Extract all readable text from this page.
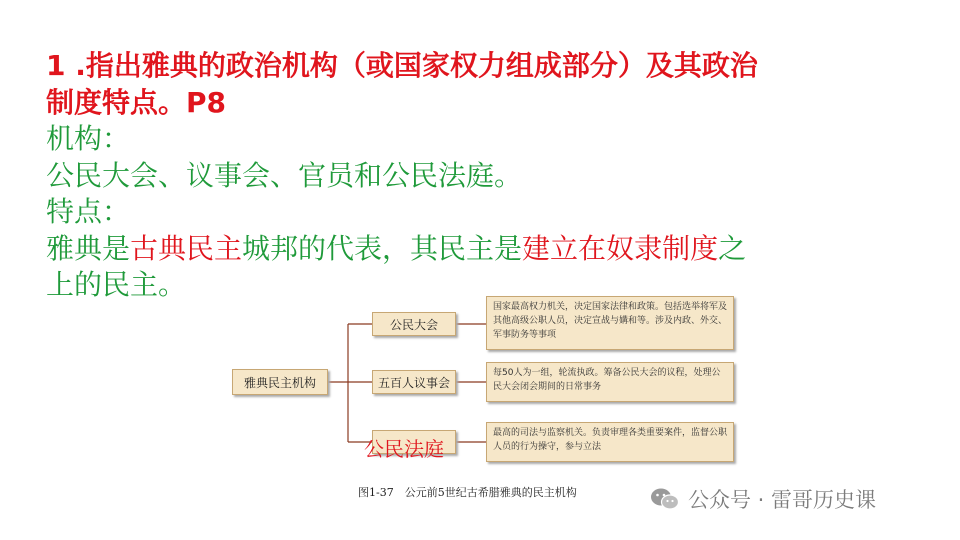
1 .指出雅典的政治机构（或国家权力组成部分）及其政治
制度特点。P8
机构：
公民大会、议事会、官员和公民法庭。
特点：
雅典是古典民主城邦的代表，其民主是建立在奴隶制度之
上的民主。
雅典民主机构
公民大会
五百人议事会
国家最高权力机关，决定国家法律和政策。包括选举将军及其他高级公职人员，决定宣战与媾和等。涉及内政、外交、军事防务等事项
每50人为一组，轮流执政。筹备公民大会的议程，处理公民大会闭会期间的日常事务
最高的司法与监察机关。负责审理各类重要案件，监督公职人员的行为操守，参与立法
公民法庭
图1-37　公元前5世纪古希腊雅典的民主机构	公众号 · 雷哥历史课
